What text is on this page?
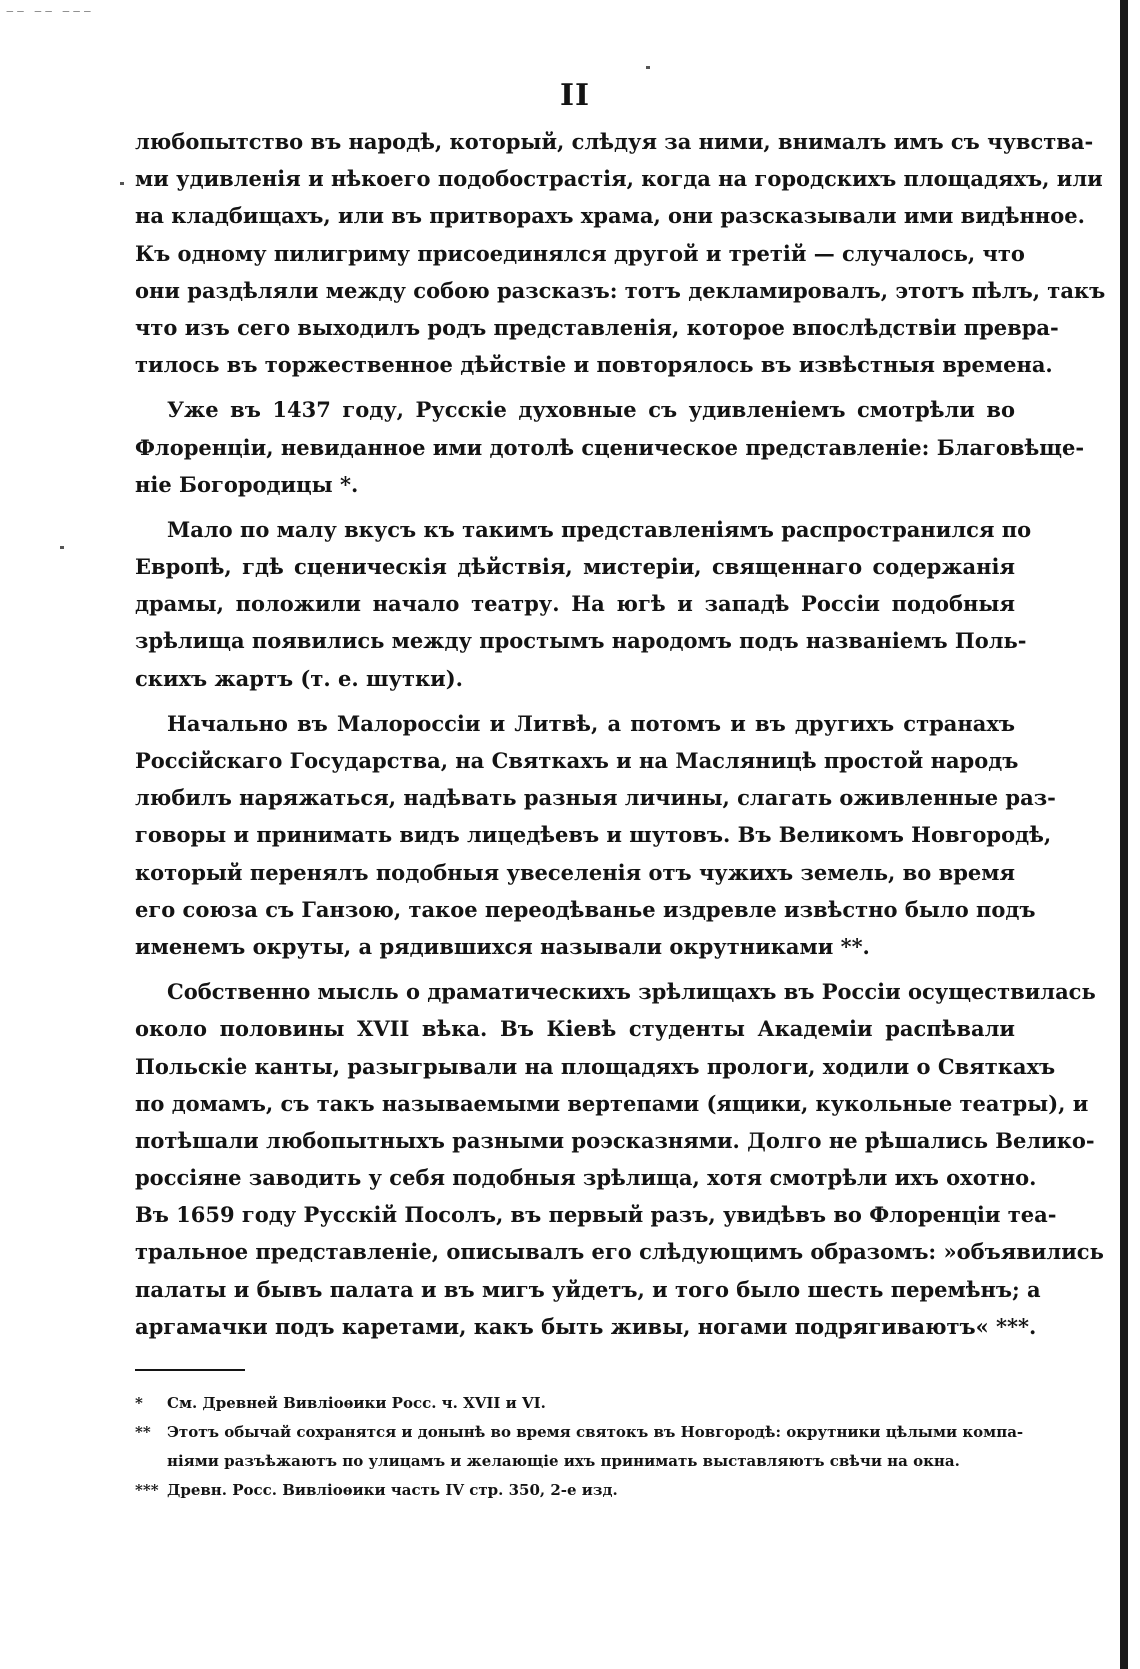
‒‒ ‒‒ ‒‒‒
II
любопытство въ народѣ, который, слѣдуя за ними, внималъ имъ съ чувства-
ми удивленія и нѣкоего подобострастія, когда на городскихъ площадяхъ, или
на кладбищахъ, или въ притворахъ храма, они разсказывали ими видѣнное.
Къ одному пилигриму присоединялся другой и третій — случалось, что
они раздѣляли между собою разсказъ: тотъ декламировалъ, этотъ пѣлъ, такъ
что изъ сего выходилъ родъ представленія, которое впослѣдствіи превра-
тилось въ торжественное дѣйствіе и повторялось въ извѣстныя времена.
Уже въ 1437 году, Русскіе духовные съ удивленіемъ смотрѣли во
Флоренціи, невиданное ими дотолѣ сценическое представленіе: Благовѣще-
ніе Богородицы *.
Мало по малу вкусъ къ такимъ представленіямъ распространился по
Европѣ, гдѣ сценическія дѣйствія, мистеріи, священнаго содержанія
драмы, положили начало театру. На югѣ и западѣ Россіи подобныя
зрѣлища появились между простымъ народомъ подъ названіемъ Поль-
скихъ жартъ (т. е. шутки).
Начально въ Малороссіи и Литвѣ, а потомъ и въ другихъ странахъ
Россійскаго Государства, на Святкахъ и на Масляницѣ простой народъ
любилъ наряжаться, надѣвать разныя личины, слагать оживленные раз-
говоры и принимать видъ лицедѣевъ и шутовъ. Въ Великомъ Новгородѣ,
который перенялъ подобныя увеселенія отъ чужихъ земель, во время
его союза съ Ганзою, такое переодѣванье издревле извѣстно было подъ
именемъ окруты, а рядившихся называли окрутниками **.
Собственно мысль о драматическихъ зрѣлищахъ въ Россіи осуществилась
около половины XVII вѣка. Въ Кіевѣ студенты Академіи распѣвали
Польскіе канты, разыгрывали на площадяхъ прологи, ходили о Святкахъ
по домамъ, съ такъ называемыми вертепами (ящики, кукольные театры), и
потѣшали любопытныхъ разными роэсказнями. Долго не рѣшались Велико-
россіяне заводить у себя подобныя зрѣлища, хотя смотрѣли ихъ охотно.
Въ 1659 году Русскій Посолъ, въ первый разъ, увидѣвъ во Флоренціи теа-
тральное представленіе, описывалъ его слѣдующимъ образомъ: »объявились
палаты и бывъ палата и въ мигъ уйдетъ, и того было шесть перемѣнъ; а
аргамачки подъ каретами, какъ быть живы, ногами подрягиваютъ« ***.
* См. Древней Вивліоѳики Росс. ч. XVII и VI.
** Этотъ обычай сохранятся и донынѣ во время святокъ въ Новгородѣ: окрутники цѣлыми компа-
ніями разъѣжаютъ по улицамъ и желающіе ихъ принимать выставляютъ свѣчи на окна.
*** Древн. Росс. Вивліоѳики часть IV стр. 350, 2-е изд.
